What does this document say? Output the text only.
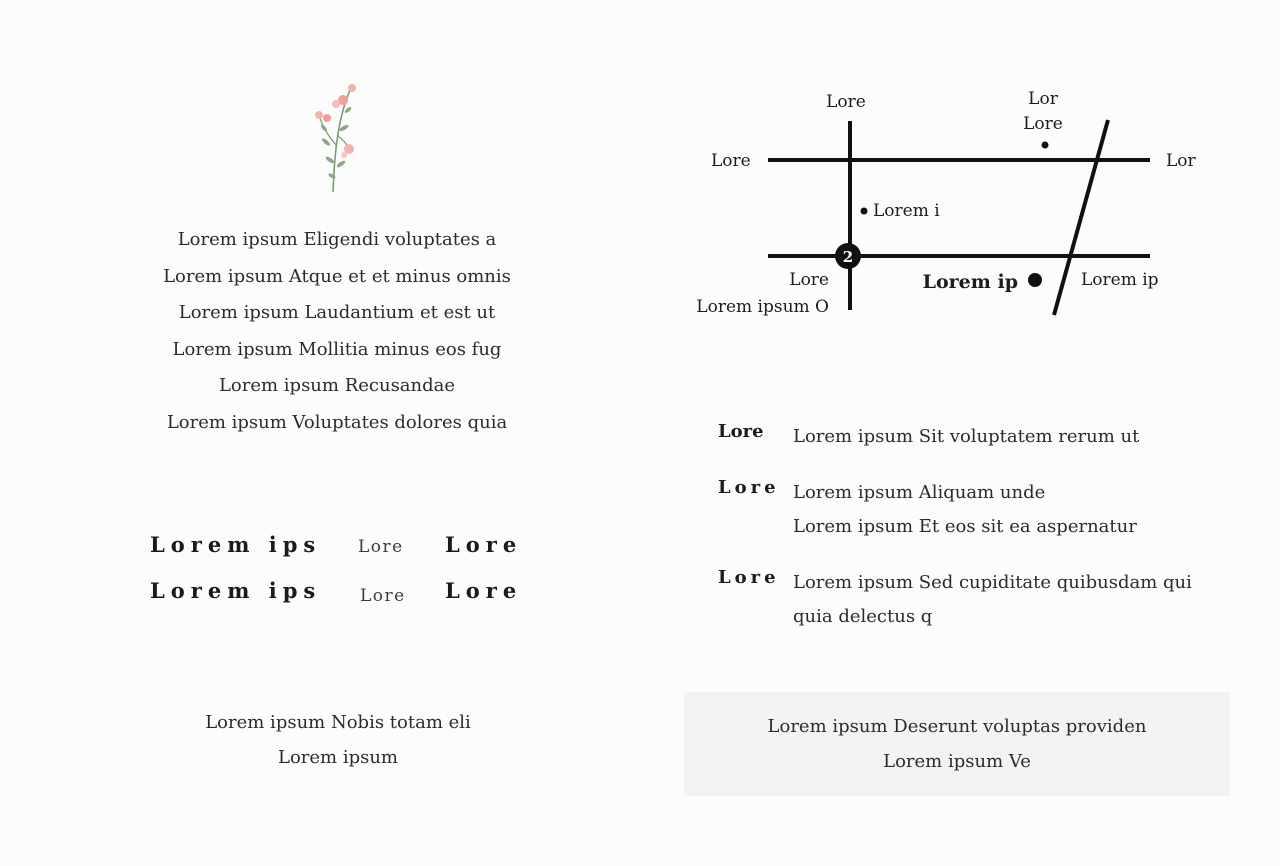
Lorem ipsum Eligendi voluptates a
Lorem ipsum Atque et et minus omnis
Lorem ipsum Laudantium et est ut
Lorem ipsum Mollitia minus eos fug
Lorem ipsum Recusandae
Lorem ipsum Voluptates dolores quia
Lorem ips Lore Lore
Lorem ips Lore Lore
Lorem ipsum Nobis totam eli
Lorem ipsum
2
Lore	Lor
Lore
Lore	Lor
Lorem i
Lore
Lorem ipsum O
Lorem ip	Lorem ip
Lore Lorem ipsum Sit voluptatem rerum ut
Lore Lorem ipsum Aliquam unde
Lorem ipsum Et eos sit ea aspernatur
Lore Lorem ipsum Sed cupiditate quibusdam qui
quia delectus q
Lorem ipsum Deserunt voluptas providen
Lorem ipsum Ve
